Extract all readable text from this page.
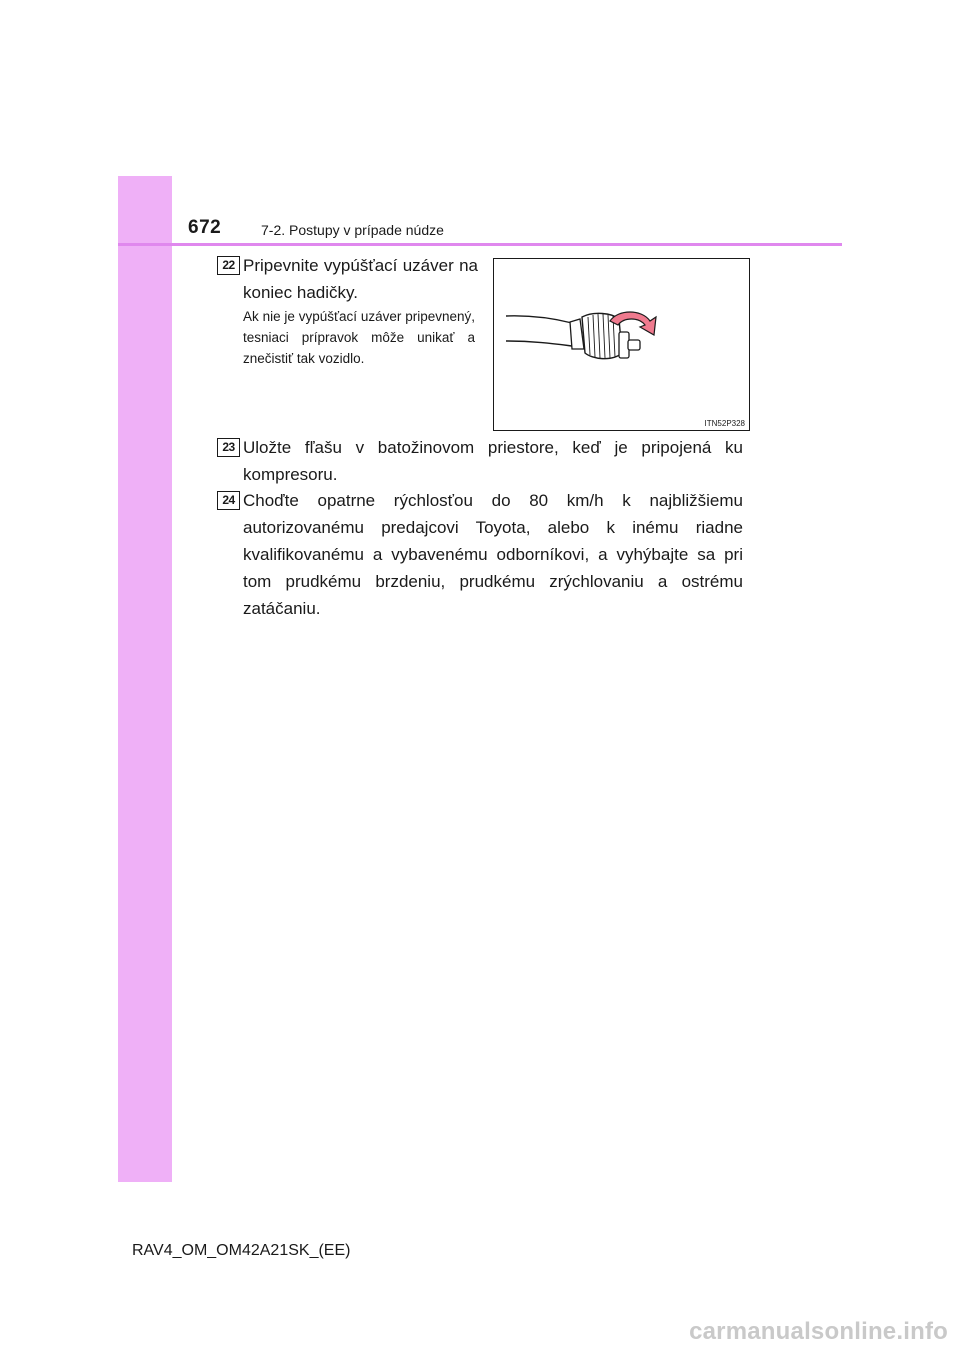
672	7-2. Postupy v prípade núdze
22 Pripevnite vypúšťací uzáver na koniec hadičky.
Ak nie je vypúšťací uzáver pripevnený, tesniaci prípravok môže unikať a znečistiť tak vozidlo.
ITN52P328
23 Uložte fľašu v batožinovom priestore, keď je pripojená ku kompresoru.
24 Choďte opatrne rýchlosťou do 80 km/h k najbližšiemu autorizovanému predajcovi Toyota, alebo k inému riadne kvalifikovanému a vybavenému odborníkovi, a vyhýbajte sa pri tom prudkému brzdeniu, prudkému zrýchlovaniu a ostrému zatáčaniu.
RAV4_OM_OM42A21SK_(EE)
carmanualsonline.info
